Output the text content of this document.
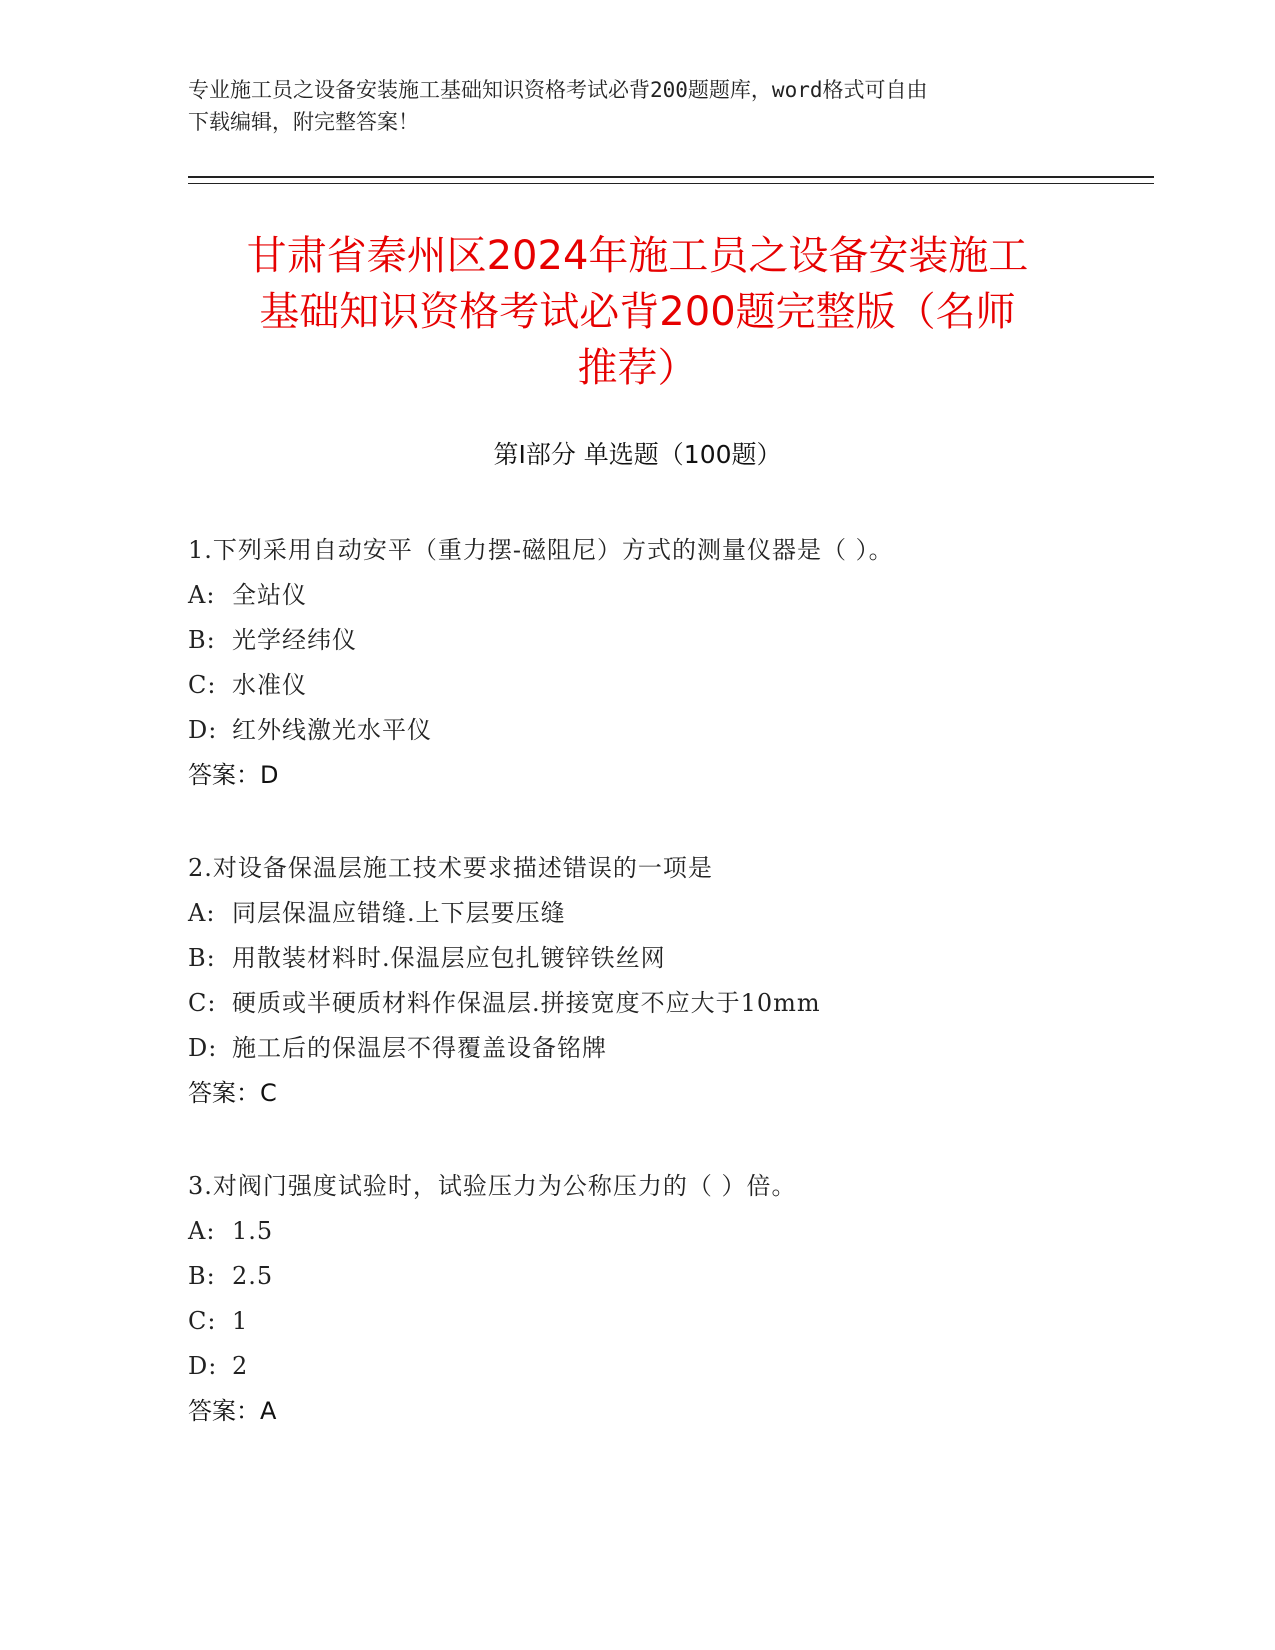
专业施工员之设备安装施工基础知识资格考试必背200题题库，word格式可自由
下载编辑，附完整答案！
甘肃省秦州区2024年施工员之设备安装施工
基础知识资格考试必背200题完整版（名师
推荐）
第Ⅰ部分 单选题（100题）
1.下列采用自动安平（重力摆-磁阻尼）方式的测量仪器是（ ）。
A: 全站仪
B: 光学经纬仪
C: 水准仪
D: 红外线激光水平仪
答案：D
2.对设备保温层施工技术要求描述错误的一项是
A: 同层保温应错缝.上下层要压缝
B: 用散装材料时.保温层应包扎镀锌铁丝网
C: 硬质或半硬质材料作保温层.拼接宽度不应大于10mm
D: 施工后的保温层不得覆盖设备铭牌
答案：C
3.对阀门强度试验时，试验压力为公称压力的（ ）倍。
A: 1.5
B: 2.5
C: 1
D: 2
答案：A
